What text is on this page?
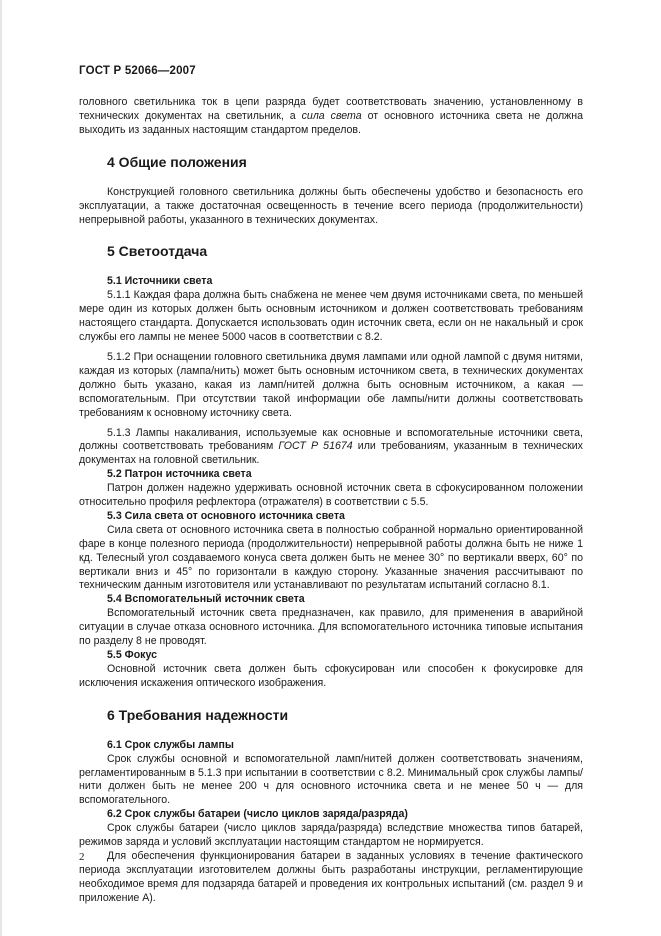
ГОСТ Р 52066—2007

головного светильника ток в цепи разряда будет соответствовать значению, установленному в технических документах на светильник, а сила света от основного источника света не должна выходить из заданных настоящим стандартом пределов.

4 Общие положения

Конструкцией головного светильника должны быть обеспечены удобство и безопасность его эксплуатации, а также достаточная освещенность в течение всего периода (продолжительности) непрерывной работы, указанного в технических документах.

5 Светоотдача
5.1 Источники света

5.1.1 Каждая фара должна быть снабжена не менее чем двумя источниками света, по меньшей мере один из которых должен быть основным источником и должен соответствовать требованиям настоящего стандарта. Допускается использовать один источник света, если он не накальный и срок службы его лампы не менее 5000 часов в соответствии с 8.2.

5.1.2 При оснащении головного светильника двумя лампами или одной лампой с двумя нитями, каждая из которых (лампа/нить) может быть основным источником света, в технических документах должно быть указано, какая из ламп/нитей должна быть основным источником, а какая — вспомогательным. При отсутствии такой информации обе лампы/нити должны соответствовать требованиям к основному источнику света.

5.1.3 Лампы накаливания, используемые как основные и вспомогательные источники света, должны соответствовать требованиям ГОСТ Р 51674 или требованиям, указанным в технических документах на головной светильник.

5.2 Патрон источника света

Патрон должен надежно удерживать основной источник света в сфокусированном положении относительно профиля рефлектора (отражателя) в соответствии с 5.5.

5.3 Сила света от основного источника света

Сила света от основного источника света в полностью собранной нормально ориентированной фаре в конце полезного периода (продолжительности) непрерывной работы должна быть не ниже 1 кд. Телесный угол создаваемого конуса света должен быть не менее 30° по вертикали вверх, 60° по вертикали вниз и 45° по горизонтали в каждую сторону. Указанные значения рассчитывают по техническим данным изготовителя или устанавливают по результатам испытаний согласно 8.1.

5.4 Вспомогательный источник света

Вспомогательный источник света предназначен, как правило, для применения в аварийной ситуации в случае отказа основного источника. Для вспомогательного источника типовые испытания по разделу 8 не проводят.

5.5 Фокус

Основной источник света должен быть сфокусирован или способен к фокусировке для исключения искажения оптического изображения.

6 Требования надежности
6.1 Срок службы лампы

Срок службы основной и вспомогательной ламп/нитей должен соответствовать значениям, регламентированным в 5.1.3 при испытании в соответствии с 8.2. Минимальный срок службы лампы/нити должен быть не менее 200 ч для основного источника света и не менее 50 ч — для вспомогательного.

6.2 Срок службы батареи (число циклов заряда/разряда)

Срок службы батареи (число циклов заряда/разряда) вследствие множества типов батарей, режимов заряда и условий эксплуатации настоящим стандартом не нормируется.

Для обеспечения функционирования батареи в заданных условиях в течение фактического периода эксплуатации изготовителем должны быть разработаны инструкции, регламентирующие необходимое время для подзаряда батарей и проведения их контрольных испытаний (см. раздел 9 и приложение А).

2
